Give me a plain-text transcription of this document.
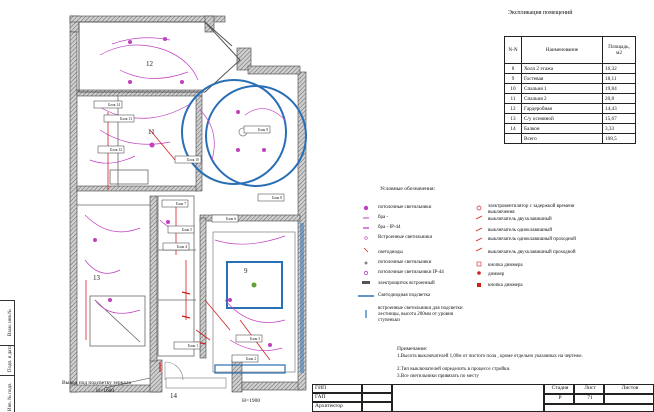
Блок 14
Блок 13
Блок 12
Блок 10
Блок 9
Блок 8
Блок 7
Блок 6
Блок 5
Блок 4
Блок 3
Блок 2
Блок 1
12
11
13
9
14
Взам. инв.№
Подп. и дата
Инв. № подл.
Экспликация помещений
N-N	Наименование	Площадь, м2
8	Холл 2 этажа	16,32
9	Гостевая	18,11
10	Спальня 1	19,84
11	Спальня 2	20,8
12	Гардеробная	14,43
13	С/у основной	15,67
14	Балкон	3,33
	Всего	108,5
Условные обозначения:
потолочные светильники
бра -
бра - IP-44
Встроенные светильники
светодиоды
потолочные светильники
потолочные светильники IP-44
электрощиток встроенный
Светодиодная подсветка
встроенные светильники для подсветки лестницы, высота 200мм от уровня ступеньки
электровентилятор с задержкой времени выключения
выключатель двухклавишный
выключатель одноклавишный
выключатель одноклавишный проходной
выключатель двухклавишный проходной
кнопка диммера
диммер
кнопка диммера
Примечание:
1.Высота выключателей 1,00м от чистого пола , кроме отдельно указанных на чертеже.
2.Тип выключателей определить в процессе стройки.
3.Все светильники привязать по месту
Вывод под подсветку зеркала
H=1600
H=1900
ГИП
ГАП
Архитектор
Стадия	Лист	Листов
Р	71
